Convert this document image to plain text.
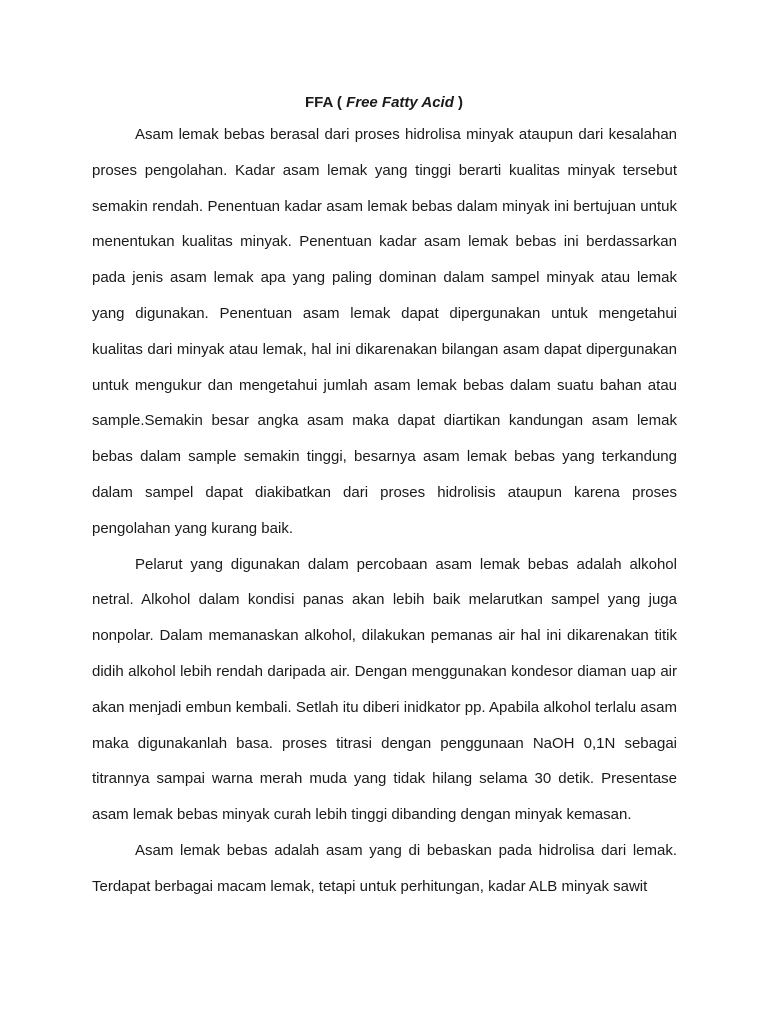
FFA ( Free Fatty Acid )

Asam lemak bebas berasal dari proses hidrolisa minyak ataupun dari kesalahan proses pengolahan. Kadar asam lemak yang tinggi berarti kualitas minyak tersebut semakin rendah. Penentuan kadar asam lemak bebas dalam minyak ini bertujuan untuk menentukan kualitas minyak. Penentuan kadar asam lemak bebas ini berdassarkan pada jenis asam lemak apa yang paling dominan dalam sampel minyak atau lemak yang digunakan. Penentuan asam lemak dapat dipergunakan untuk mengetahui kualitas dari minyak atau lemak, hal ini dikarenakan bilangan asam dapat dipergunakan untuk mengukur dan mengetahui jumlah asam lemak bebas dalam suatu bahan atau sample.Semakin besar angka asam maka dapat diartikan kandungan asam lemak bebas dalam sample semakin tinggi, besarnya asam lemak bebas yang terkandung dalam sampel dapat diakibatkan dari proses hidrolisis ataupun karena proses pengolahan yang kurang baik.

Pelarut yang digunakan dalam percobaan asam lemak bebas adalah alkohol netral. Alkohol dalam kondisi panas akan lebih baik melarutkan sampel yang juga nonpolar. Dalam memanaskan alkohol, dilakukan pemanas air hal ini dikarenakan titik didih alkohol lebih rendah daripada air. Dengan menggunakan kondesor diaman uap air akan menjadi embun kembali. Setlah itu diberi inidkator pp. Apabila alkohol terlalu asam maka digunakanlah basa. proses titrasi dengan penggunaan NaOH 0,1N sebagai titrannya sampai warna merah muda yang tidak hilang selama 30 detik. Presentase asam lemak bebas minyak curah lebih tinggi dibanding dengan minyak kemasan.

Asam lemak bebas adalah asam yang di bebaskan pada hidrolisa dari lemak. Terdapat berbagai macam lemak, tetapi untuk perhitungan, kadar ALB minyak sawit
